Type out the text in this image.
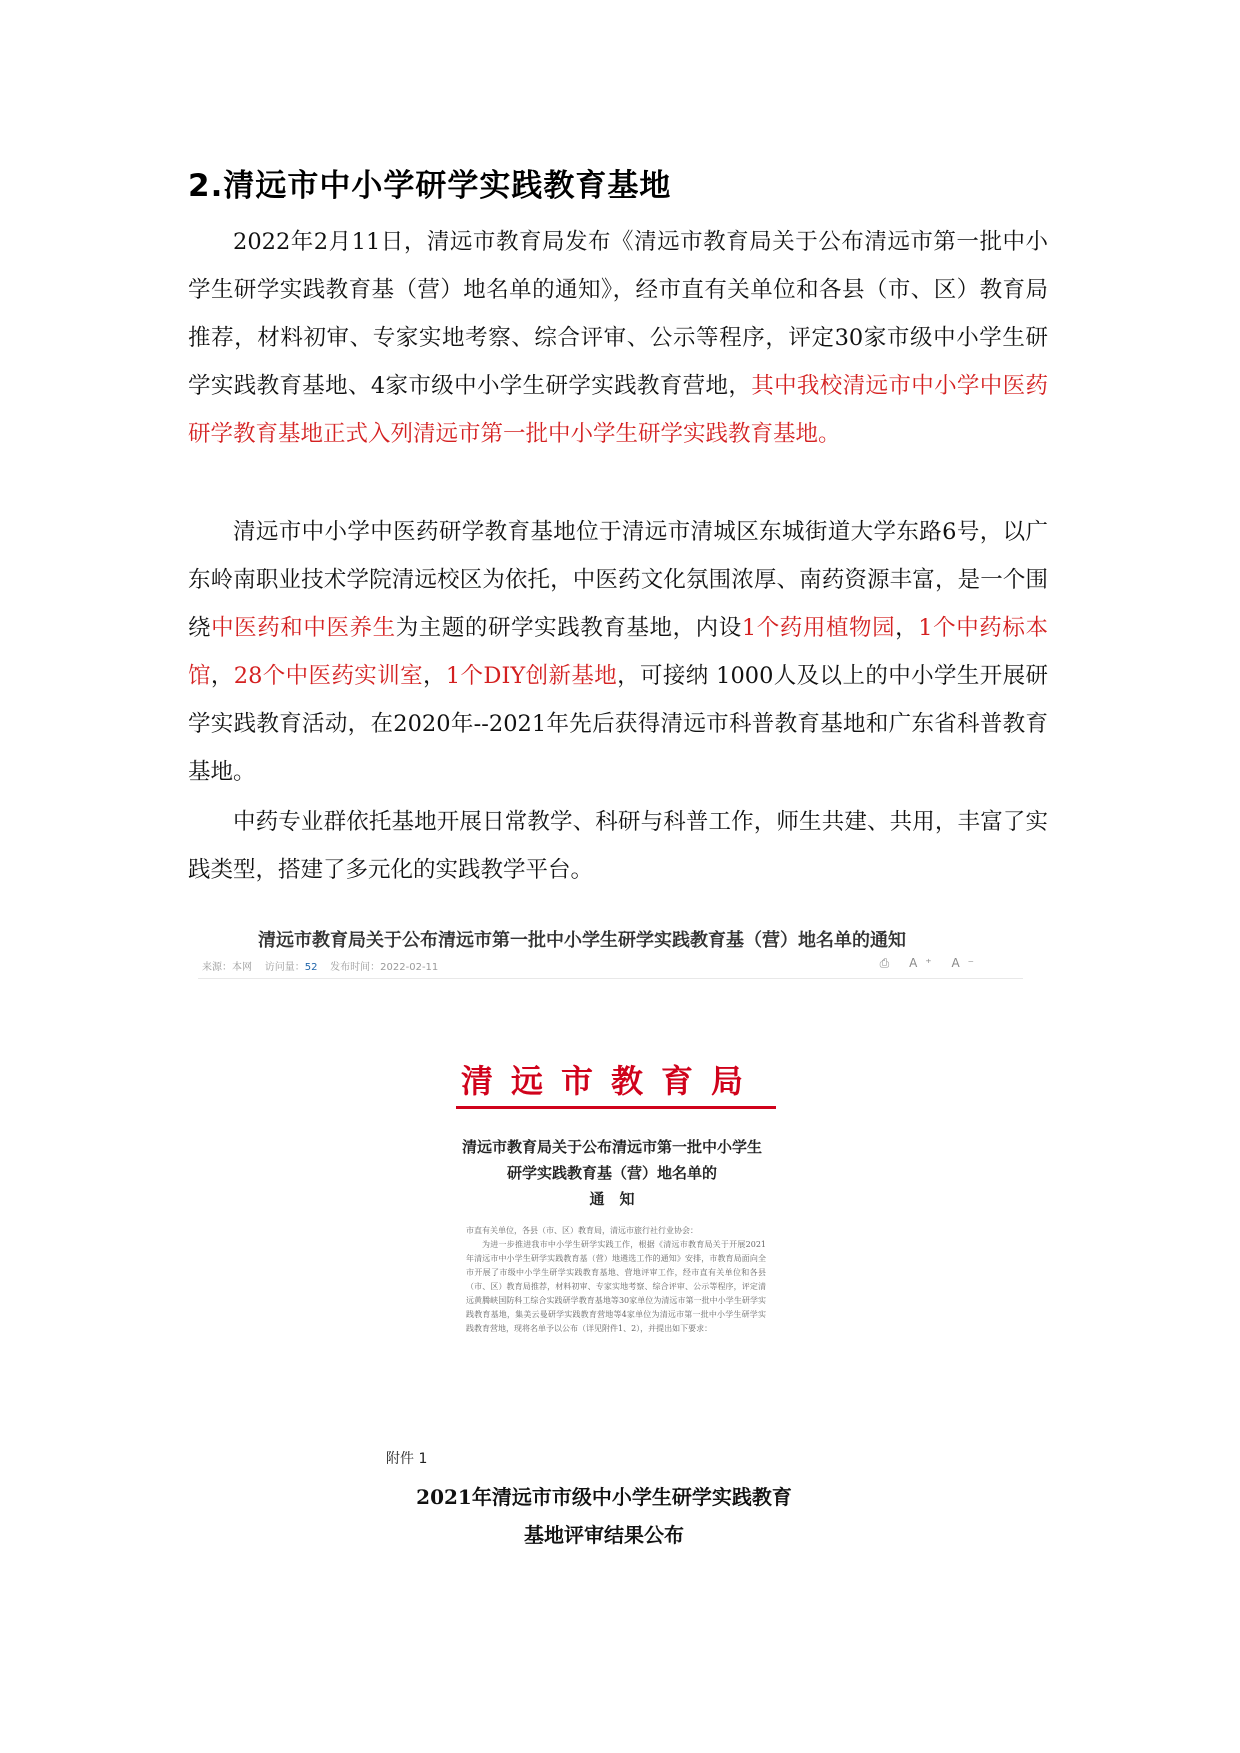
2.清远市中小学研学实践教育基地

2022年2月11日，清远市教育局发布《清远市教育局关于公布清远市第一批中小学生研学实践教育基（营）地名单的通知》，经市直有关单位和各县（市、区）教育局推荐，材料初审、专家实地考察、综合评审、公示等程序，评定30家市级中小学生研学实践教育基地、4家市级中小学生研学实践教育营地，其中我校清远市中小学中医药研学教育基地正式入列清远市第一批中小学生研学实践教育基地。

清远市中小学中医药研学教育基地位于清远市清城区东城街道大学东路6号，以广东岭南职业技术学院清远校区为依托，中医药文化氛围浓厚、南药资源丰富，是一个围绕中医药和中医养生为主题的研学实践教育基地，内设1个药用植物园，1个中药标本馆，28个中医药实训室，1个DIY创新基地，可接纳 1000人及以上的中小学生开展研学实践教育活动，在2020年--2021年先后获得清远市科普教育基地和广东省科普教育基地。

中药专业群依托基地开展日常教学、科研与科普工作，师生共建、共用，丰富了实践类型，搭建了多元化的实践教学平台。

清远市教育局关于公布清远市第一批中小学生研学实践教育基（营）地名单的通知
来源：本网 访问量：52 发布时间：2022-02-11	⎙ A⁺ A⁻
清远市教育局
清远市教育局关于公布清远市第一批中小学生
研学实践教育基（营）地名单的
通　知

市直有关单位，各县（市、区）教育局，清远市旅行社行业协会：

为进一步推进我市中小学生研学实践工作，根据《清远市教育局关于开展2021年清远市中小学生研学实践教育基（营）地遴选工作的通知》安排，市教育局面向全市开展了市级中小学生研学实践教育基地、营地评审工作，经市直有关单位和各县（市、区）教育局推荐，材料初审、专家实地考察、综合评审、公示等程序，评定清远黄腾峡国防科工综合实践研学教育基地等30家单位为清远市第一批中小学生研学实践教育基地，集美云曼研学实践教育营地等4家单位为清远市第一批中小学生研学实践教育营地，现将名单予以公布（详见附件1、2），并提出如下要求：

附件 1
2021年清远市市级中小学生研学实践教育
基地评审结果公布
